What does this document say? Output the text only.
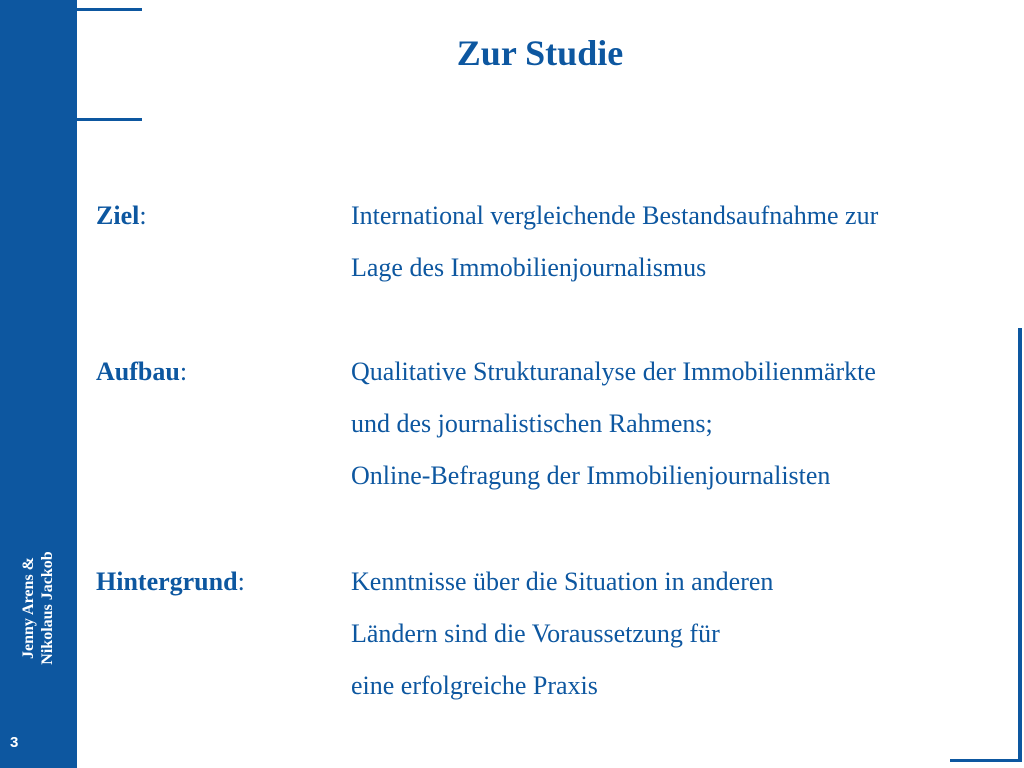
Jenny Arens &
Nikolaus Jackob
3
Zur Studie
Ziel:	International vergleichende Bestandsaufnahme zur
Lage des Immobilienjournalismus
Aufbau:	Qualitative Strukturanalyse der Immobilienmärkte
und des journalistischen Rahmens;
Online-Befragung der Immobilienjournalisten
Hintergrund:	Kenntnisse über die Situation in anderen
Ländern sind die Voraussetzung für
eine erfolgreiche Praxis
